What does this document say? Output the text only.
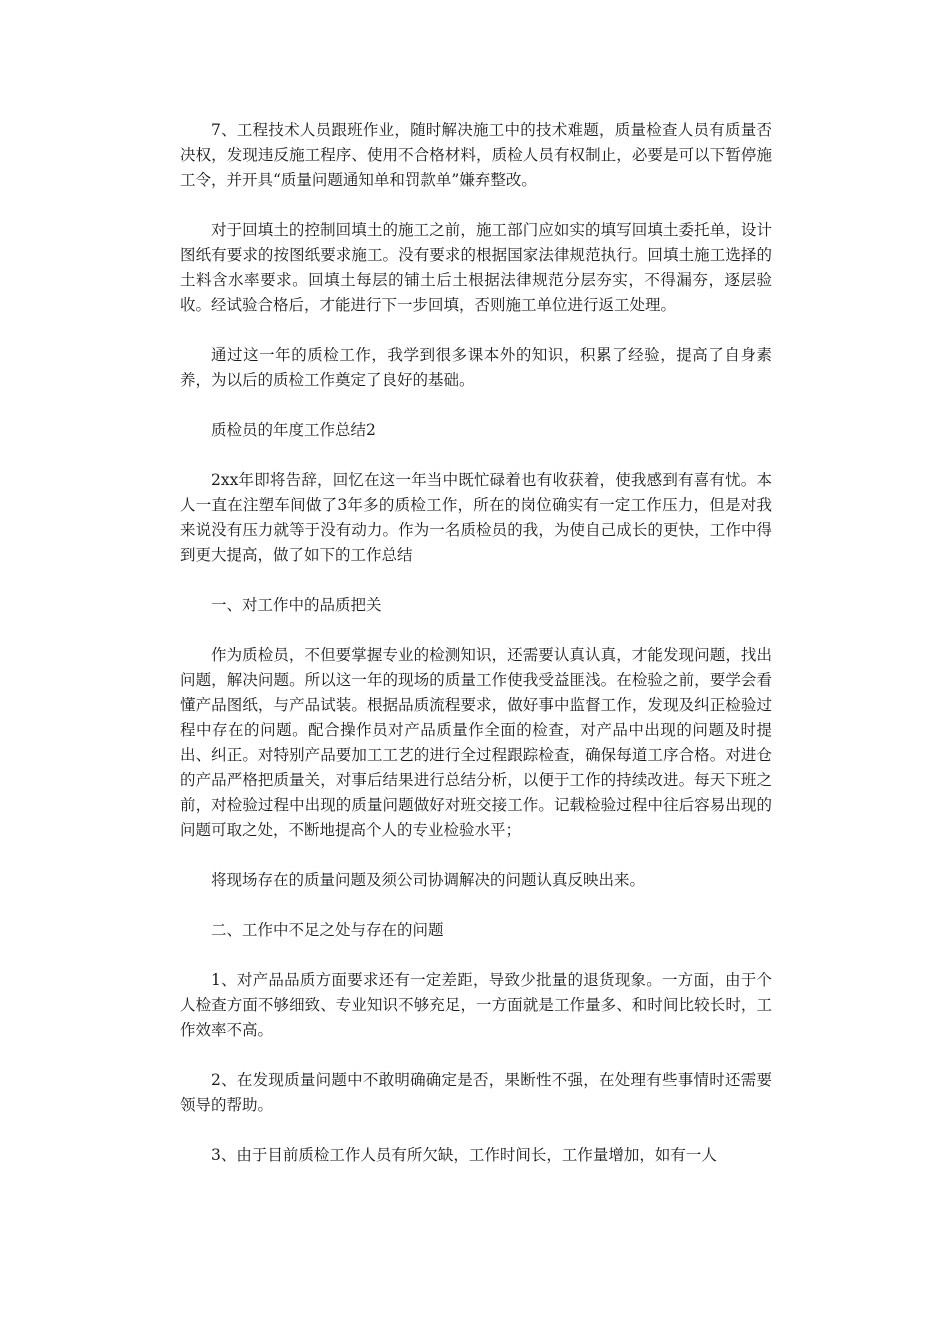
7、工程技术人员跟班作业，随时解决施工中的技术难题，质量检查人员有质量否决权，发现违反施工程序、使用不合格材料，质检人员有权制止，必要是可以下暂停施工令，并开具“质量问题通知单和罚款单”嫌弃整改。

对于回填土的控制回填土的施工之前，施工部门应如实的填写回填土委托单，设计图纸有要求的按图纸要求施工。没有要求的根据国家法律规范执行。回填土施工选择的土料含水率要求。回填土每层的铺土后土根据法律规范分层夯实，不得漏夯，逐层验收。经试验合格后，才能进行下一步回填，否则施工单位进行返工处理。

通过这一年的质检工作，我学到很多课本外的知识，积累了经验，提高了自身素养，为以后的质检工作奠定了良好的基础。

质检员的年度工作总结2

2xx年即将告辞，回忆在这一年当中既忙碌着也有收获着，使我感到有喜有忧。本人一直在注塑车间做了3年多的质检工作，所在的岗位确实有一定工作压力，但是对我来说没有压力就等于没有动力。作为一名质检员的我，为使自己成长的更快，工作中得到更大提高，做了如下的工作总结

一、对工作中的品质把关

作为质检员，不但要掌握专业的检测知识，还需要认真认真，才能发现问题，找出问题，解决问题。所以这一年的现场的质量工作使我受益匪浅。在检验之前，要学会看懂产品图纸，与产品试装。根据品质流程要求，做好事中监督工作，发现及纠正检验过程中存在的问题。配合操作员对产品质量作全面的检查，对产品中出现的问题及时提出、纠正。对特别产品要加工工艺的进行全过程跟踪检查，确保每道工序合格。对进仓的产品严格把质量关，对事后结果进行总结分析，以便于工作的持续改进。每天下班之前，对检验过程中出现的质量问题做好对班交接工作。记载检验过程中往后容易出现的问题可取之处，不断地提高个人的专业检验水平；

将现场存在的质量问题及须公司协调解决的问题认真反映出来。

二、工作中不足之处与存在的问题

1、对产品品质方面要求还有一定差距，导致少批量的退货现象。一方面，由于个人检查方面不够细致、专业知识不够充足，一方面就是工作量多、和时间比较长时，工作效率不高。

2、在发现质量问题中不敢明确确定是否，果断性不强，在处理有些事情时还需要领导的帮助。

3、由于目前质检工作人员有所欠缺，工作时间长，工作量增加，如有一人
